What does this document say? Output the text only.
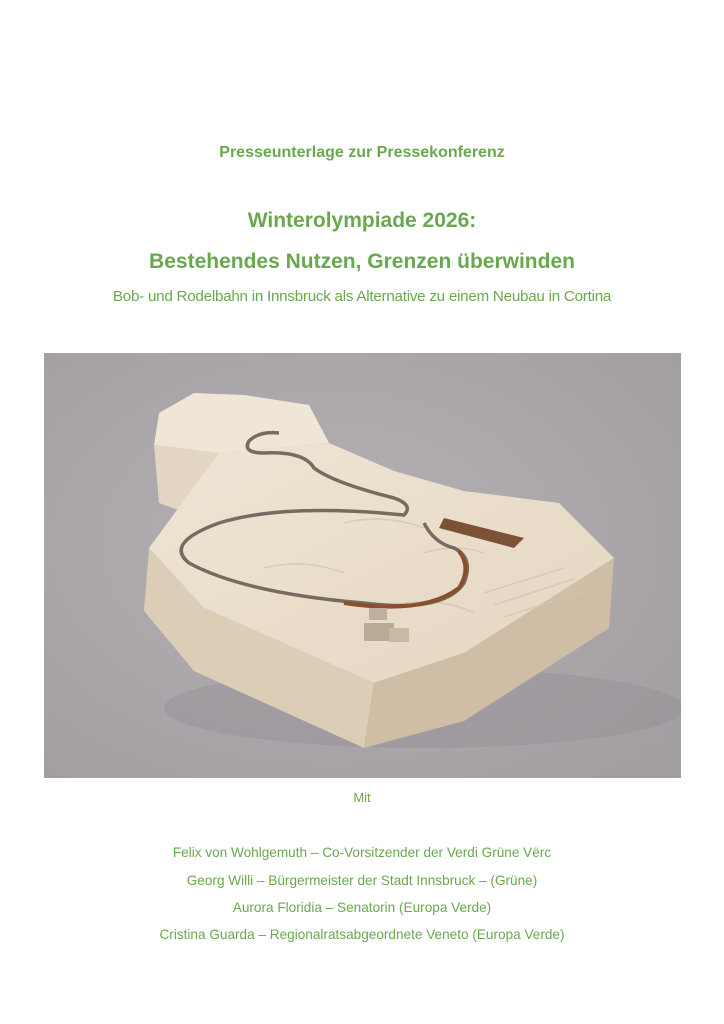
Presseunterlage zur Pressekonferenz
Winterolympiade 2026:
Bestehendes Nutzen, Grenzen überwinden
Bob- und Rodelbahn in Innsbruck als Alternative zu einem Neubau in Cortina
Mit
Felix von Wohlgemuth – Co-Vorsitzender der Verdi Grüne Vërc
Georg Willi – Bürgermeister der Stadt Innsbruck – (Grüne)
Aurora Floridia – Senatorin (Europa Verde)
Cristina Guarda – Regionalratsabgeordnete Veneto (Europa Verde)
